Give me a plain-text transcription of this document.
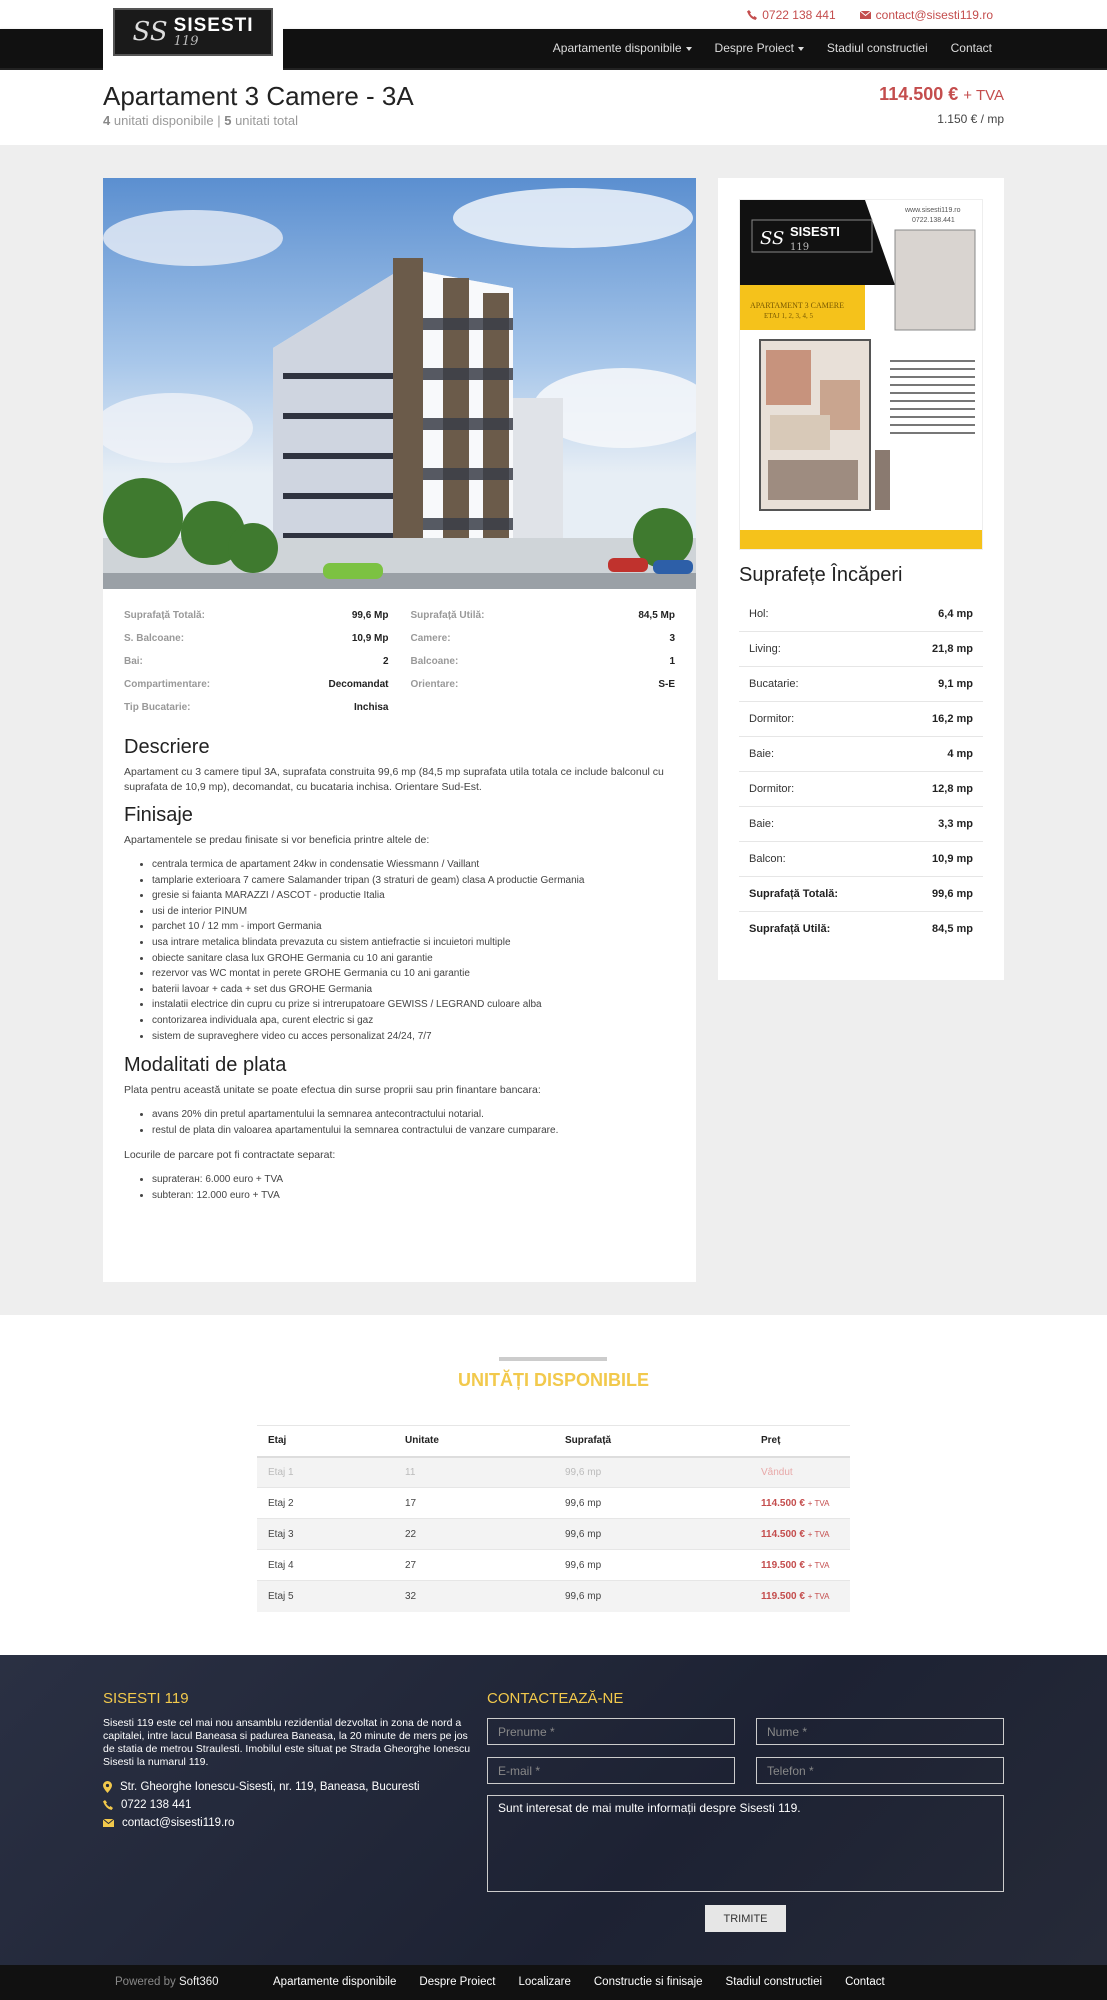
0722 138 441	contact@sisesti119.ro
SS SISESTI
119	Apartamente disponibile	Despre Proiect	Stadiul constructiei Contact
Apartament 3 Camere - 3A
4 unitati disponibile | 5 unitati total
114.500 € + TVA
1.150 € / mp
Suprafață Totală:	99,6 Mp Suprafață Utilă:	84,5 Mp
S. Balcoane:	10,9 Mp Camere:	3
Bai:	2 Balcoane:	1
Compartimentare:	Decomandat Orientare:	S-E
Tip Bucatarie:	Inchisa
Descriere

Apartament cu 3 camere tipul 3A, suprafata construita 99,6 mp (84,5 mp suprafata utila totala ce include balconul cu suprafata de 10,9 mp), decomandat, cu bucataria inchisa. Orientare Sud-Est.

Finisaje

Apartamentele se predau finisate si vor beneficia printre altele de:

• centrala termica de apartament 24kw in condensatie Wiessmann / Vaillant
• tamplarie exterioara 7 camere Salamander tripan (3 straturi de geam) clasa A productie Germania
• gresie si faianta MARAZZI / ASCOT - productie Italia
• usi de interior PINUM
• parchet 10 / 12 mm - import Germania
• usa intrare metalica blindata prevazuta cu sistem antiefractie si incuietori multiple
• obiecte sanitare clasa lux GROHE Germania cu 10 ani garantie
• rezervor vas WC montat in perete GROHE Germania cu 10 ani garantie
• baterii lavoar + cada + set dus GROHE Germania
• instalatii electrice din cupru cu prize si intrerupatoare GEWISS / LEGRAND culoare alba
• contorizarea individuala apa, curent electric si gaz
• sistem de supraveghere video cu acces personalizat 24/24, 7/7
Modalitati de plata

Plata pentru această unitate se poate efectua din surse proprii sau prin finantare bancara:

• avans 20% din pretul apartamentului la semnarea antecontractului notarial.
• restul de plata din valoarea apartamentului la semnarea contractului de vanzare cumparare.

Locurile de parcare pot fi contractate separat:

• supraterан: 6.000 euro + TVA
• subteran: 12.000 euro + TVA
SS SISESTI
119
www.sisesti119.ro
0722.138.441
APARTAMENT 3 CAMERE
ETAJ 1, 2, 3, 4, 5
Suprafețe Încăperi
Hol:	6,4 mp
Living:	21,8 mp
Bucatarie:	9,1 mp
Dormitor:	16,2 mp
Baie:	4 mp
Dormitor:	12,8 mp
Baie:	3,3 mp
Balcon:	10,9 mp
Suprafață Totală:	99,6 mp
Suprafață Utilă:	84,5 mp
UNITĂȚI DISPONIBILE
Etaj	Unitate	Suprafață	Preț
Etaj 1	11	99,6 mp	Vândut
Etaj 2	17	99,6 mp	114.500 € + TVA
Etaj 3	22	99,6 mp	114.500 € + TVA
Etaj 4	27	99,6 mp	119.500 € + TVA
Etaj 5	32	99,6 mp	119.500 € + TVA
SISESTI 119
Sisesti 119 este cel mai nou ansamblu rezidential dezvoltat in zona de nord a capitalei, intre lacul Baneasa si padurea Baneasa, la 20 minute de mers pe jos de statia de metrou Straulesti. Imobilul este situat pe Strada Gheorghe Ionescu Sisesti la numarul 119.
Str. Gheorghe Ionescu-Sisesti, nr. 119, Baneasa, Bucuresti
0722 138 441
contact@sisesti119.ro
CONTACTEAZĂ-NE
Prenume *	Nume *
E-mail *	Telefon *
Sunt interesat de mai multe informații despre Sisesti 119.
TRIMITE
Powered by Soft360	Apartamente disponibile Despre Proiect Localizare Constructie si finisaje Stadiul constructiei Contact
